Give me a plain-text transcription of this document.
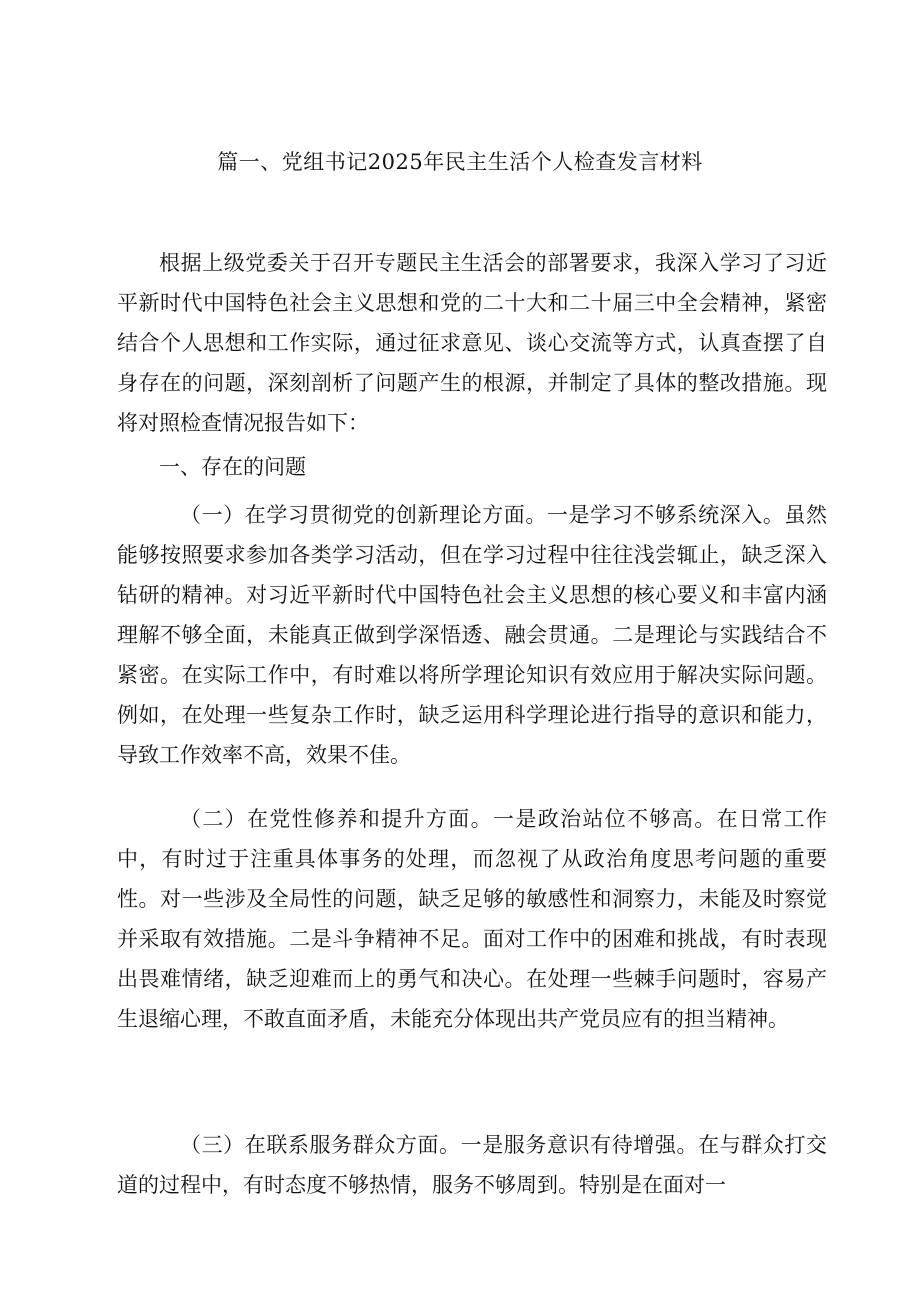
篇一、党组书记2025年民主生活个人检查发言材料

根据上级党委关于召开专题民主生活会的部署要求，我深入学习了习近平新时代中国特色社会主义思想和党的二十大和二十届三中全会精神，紧密结合个人思想和工作实际，通过征求意见、谈心交流等方式，认真查摆了自身存在的问题，深刻剖析了问题产生的根源，并制定了具体的整改措施。现将对照检查情况报告如下：

一、存在的问题

（一）在学习贯彻党的创新理论方面。一是学习不够系统深入。虽然能够按照要求参加各类学习活动，但在学习过程中往往浅尝辄止，缺乏深入钻研的精神。对习近平新时代中国特色社会主义思想的核心要义和丰富内涵理解不够全面，未能真正做到学深悟透、融会贯通。二是理论与实践结合不紧密。在实际工作中，有时难以将所学理论知识有效应用于解决实际问题。例如，在处理一些复杂工作时，缺乏运用科学理论进行指导的意识和能力，导致工作效率不高，效果不佳。

（二）在党性修养和提升方面。一是政治站位不够高。在日常工作中，有时过于注重具体事务的处理，而忽视了从政治角度思考问题的重要性。对一些涉及全局性的问题，缺乏足够的敏感性和洞察力，未能及时察觉并采取有效措施。二是斗争精神不足。面对工作中的困难和挑战，有时表现出畏难情绪，缺乏迎难而上的勇气和决心。在处理一些棘手问题时，容易产生退缩心理，不敢直面矛盾，未能充分体现出共产党员应有的担当精神。

（三）在联系服务群众方面。一是服务意识有待增强。在与群众打交道的过程中，有时态度不够热情，服务不够周到。特别是在面对一
